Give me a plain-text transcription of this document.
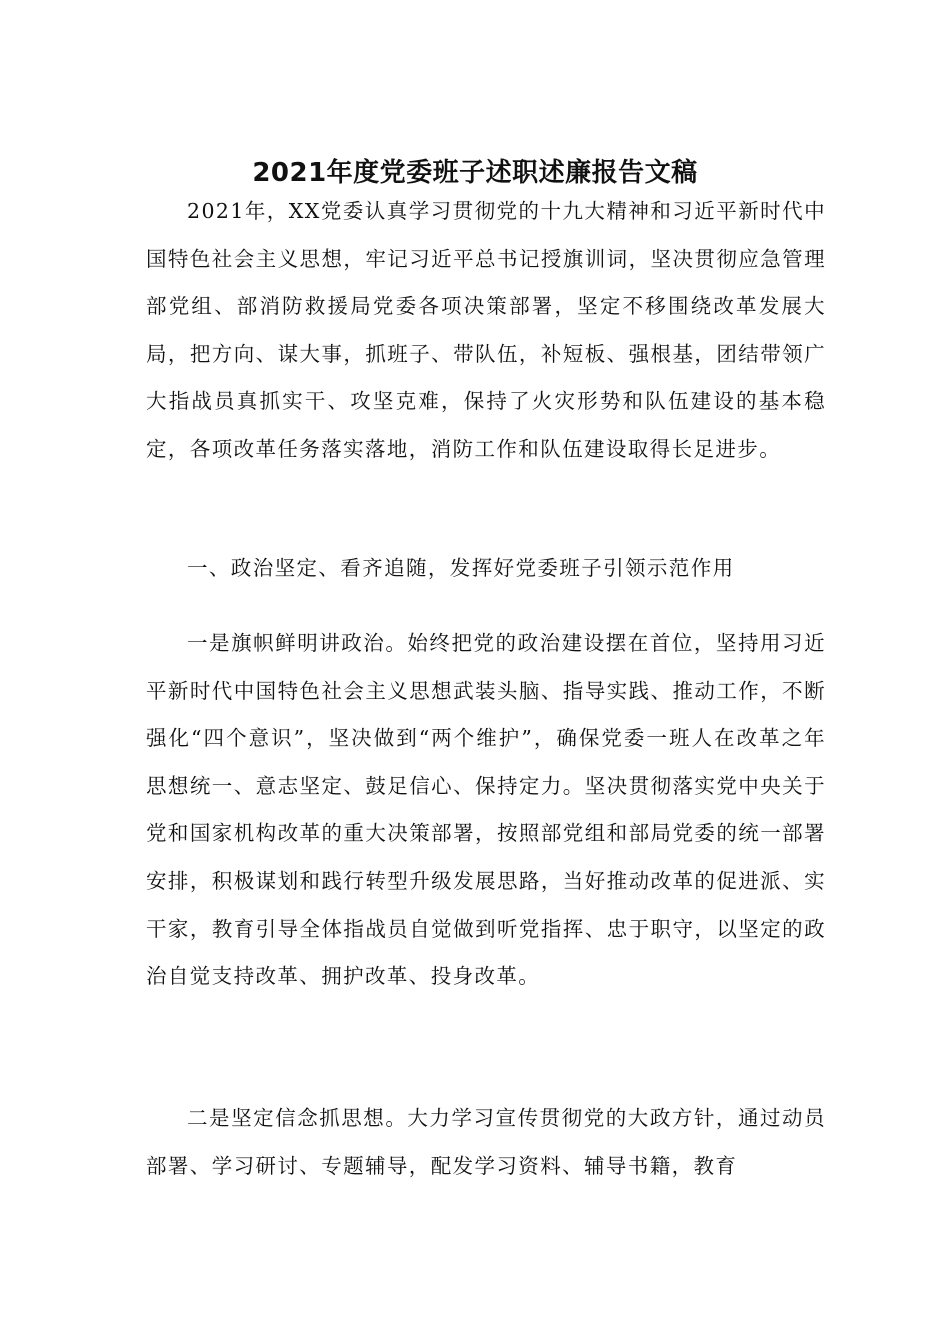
2021年度党委班子述职述廉报告文稿

2021年，XX党委认真学习贯彻党的十九大精神和习近平新时代中国特色社会主义思想，牢记习近平总书记授旗训词，坚决贯彻应急管理部党组、部消防救援局党委各项决策部署，坚定不移围绕改革发展大局，把方向、谋大事，抓班子、带队伍，补短板、强根基，团结带领广大指战员真抓实干、攻坚克难，保持了火灾形势和队伍建设的基本稳定，各项改革任务落实落地，消防工作和队伍建设取得长足进步。

一、政治坚定、看齐追随，发挥好党委班子引领示范作用

一是旗帜鲜明讲政治。始终把党的政治建设摆在首位，坚持用习近平新时代中国特色社会主义思想武装头脑、指导实践、推动工作，不断强化“四个意识”，坚决做到“两个维护”，确保党委一班人在改革之年思想统一、意志坚定、鼓足信心、保持定力。坚决贯彻落实党中央关于党和国家机构改革的重大决策部署，按照部党组和部局党委的统一部署安排，积极谋划和践行转型升级发展思路，当好推动改革的促进派、实干家，教育引导全体指战员自觉做到听党指挥、忠于职守，以坚定的政治自觉支持改革、拥护改革、投身改革。

二是坚定信念抓思想。大力学习宣传贯彻党的大政方针，通过动员部署、学习研讨、专题辅导，配发学习资料、辅导书籍，教育
